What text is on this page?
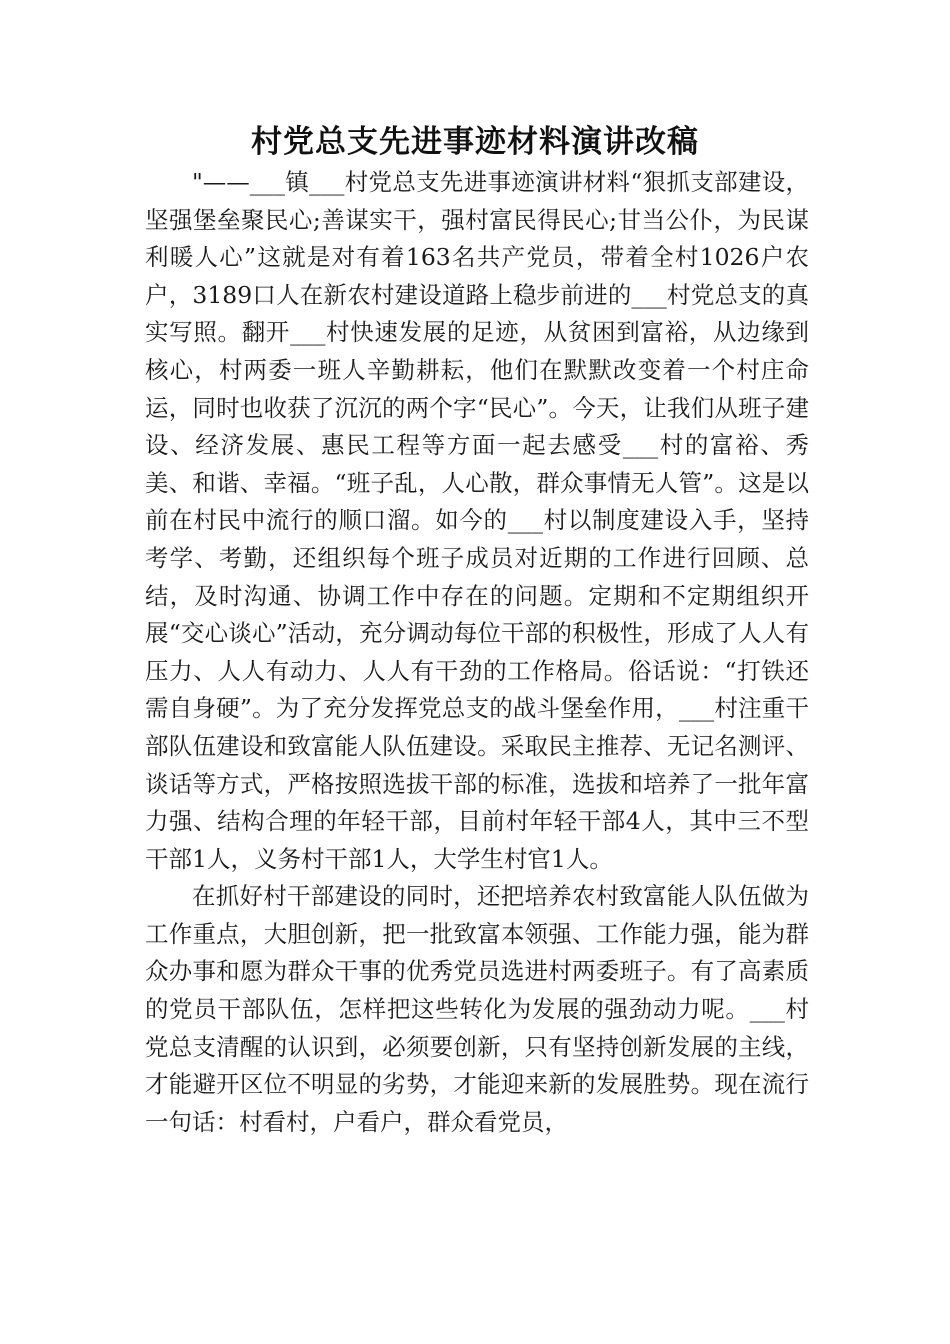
村党总支先进事迹材料演讲改稿

"——___镇___村党总支先进事迹演讲材料“狠抓支部建设，坚强堡垒聚民心;善谋实干，强村富民得民心;甘当公仆，为民谋利暖人心”这就是对有着163名共产党员，带着全村1026户农户，3189口人在新农村建设道路上稳步前进的___村党总支的真实写照。翻开___村快速发展的足迹，从贫困到富裕，从边缘到核心，村两委一班人辛勤耕耘，他们在默默改变着一个村庄命运，同时也收获了沉沉的两个字“民心”。今天，让我们从班子建设、经济发展、惠民工程等方面一起去感受___村的富裕、秀美、和谐、幸福。“班子乱，人心散，群众事情无人管”。这是以前在村民中流行的顺口溜。如今的___村以制度建设入手，坚持考学、考勤，还组织每个班子成员对近期的工作进行回顾、总结，及时沟通、协调工作中存在的问题。定期和不定期组织开展“交心谈心”活动，充分调动每位干部的积极性，形成了人人有压力、人人有动力、人人有干劲的工作格局。俗话说：“打铁还需自身硬”。为了充分发挥党总支的战斗堡垒作用，___村注重干部队伍建设和致富能人队伍建设。采取民主推荐、无记名测评、谈话等方式，严格按照选拔干部的标准，选拔和培养了一批年富力强、结构合理的年轻干部，目前村年轻干部4人，其中三不型干部1人，义务村干部1人，大学生村官1人。

在抓好村干部建设的同时，还把培养农村致富能人队伍做为工作重点，大胆创新，把一批致富本领强、工作能力强，能为群众办事和愿为群众干事的优秀党员选进村两委班子。有了高素质的党员干部队伍，怎样把这些转化为发展的强劲动力呢。___村党总支清醒的认识到，必须要创新，只有坚持创新发展的主线，才能避开区位不明显的劣势，才能迎来新的发展胜势。现在流行一句话：村看村，户看户，群众看党员，
